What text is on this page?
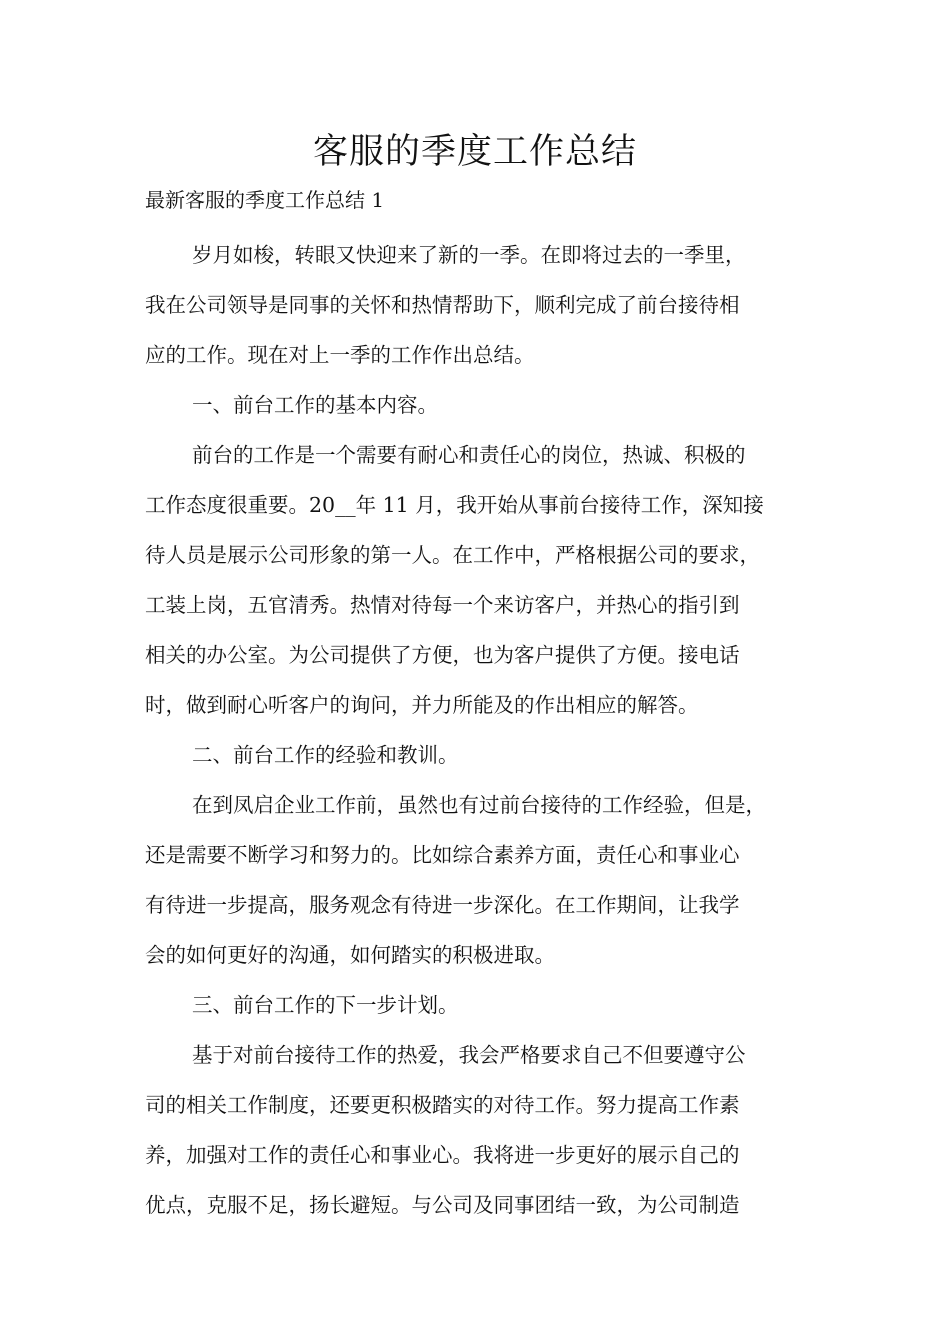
客服的季度工作总结

最新客服的季度工作总结 1

岁月如梭，转眼又快迎来了新的一季。在即将过去的一季里，
我在公司领导是同事的关怀和热情帮助下，顺利完成了前台接待相
应的工作。现在对上一季的工作作出总结。
一、前台工作的基本内容。
前台的工作是一个需要有耐心和责任心的岗位，热诚、积极的
工作态度很重要。20__年 11 月，我开始从事前台接待工作，深知接
待人员是展示公司形象的第一人。在工作中，严格根据公司的要求，
工装上岗，五官清秀。热情对待每一个来访客户，并热心的指引到
相关的办公室。为公司提供了方便，也为客户提供了方便。接电话
时，做到耐心听客户的询问，并力所能及的作出相应的解答。
二、前台工作的经验和教训。
在到凤启企业工作前，虽然也有过前台接待的工作经验，但是，
还是需要不断学习和努力的。比如综合素养方面，责任心和事业心
有待进一步提高，服务观念有待进一步深化。在工作期间，让我学
会的如何更好的沟通，如何踏实的积极进取。
三、前台工作的下一步计划。
基于对前台接待工作的热爱，我会严格要求自己不但要遵守公
司的相关工作制度，还要更积极踏实的对待工作。努力提高工作素
养，加强对工作的责任心和事业心。我将进一步更好的展示自己的
优点，克服不足，扬长避短。与公司及同事团结一致，为公司制造
